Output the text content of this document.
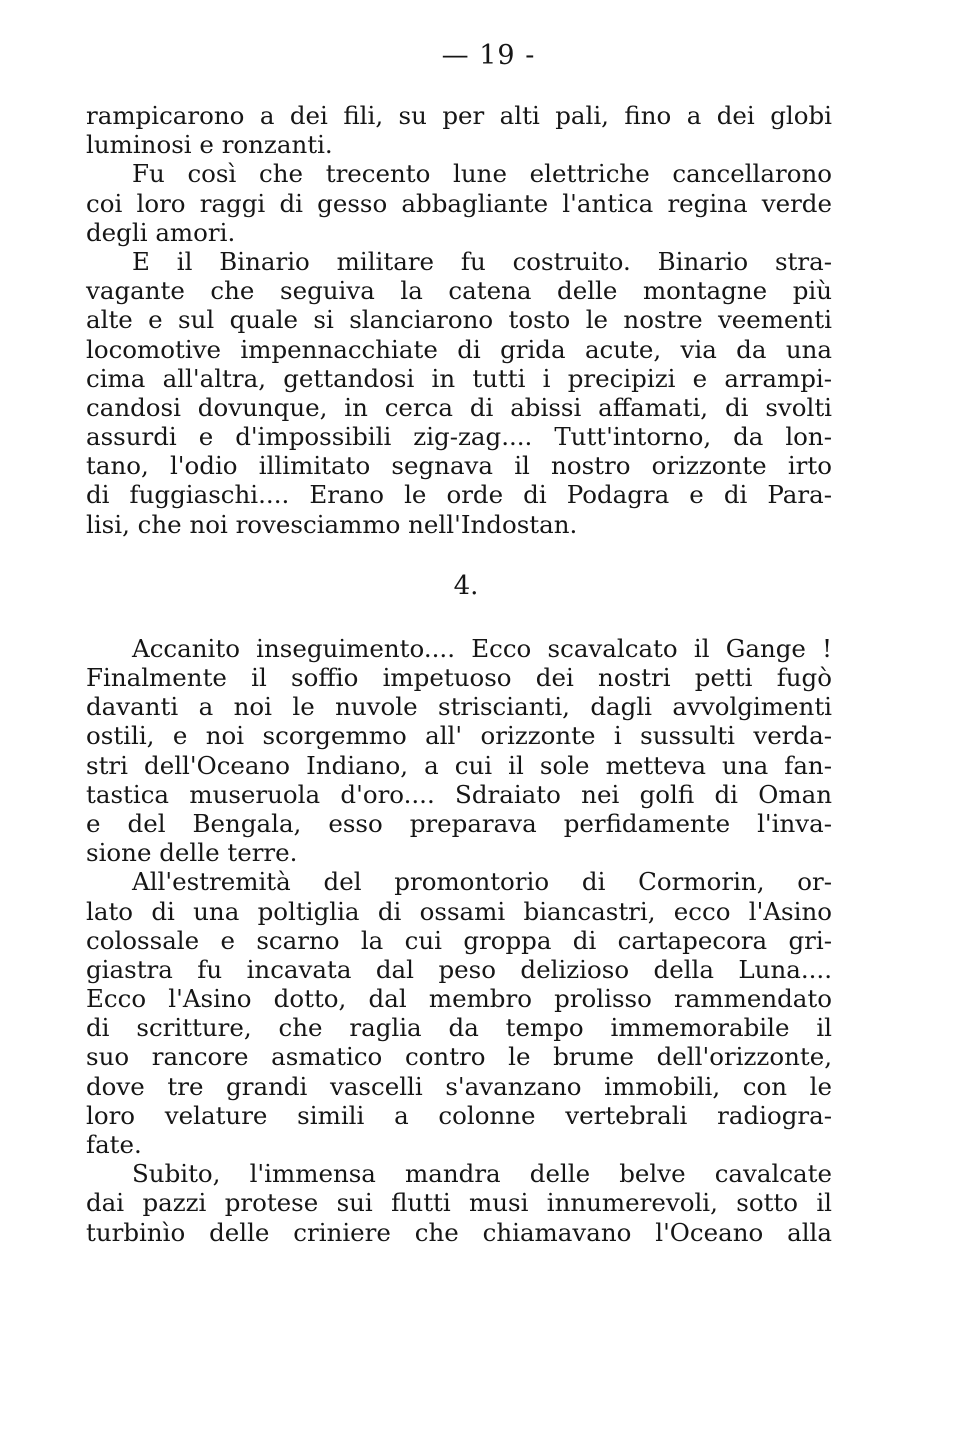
— 19 -
rampicarono a dei fili, su per alti pali, fino a dei globi
luminosi e ronzanti.
Fu così che trecento lune elettriche cancellarono
coi loro raggi di gesso abbagliante l'antica regina verde
degli amori.
E il Binario militare fu costruito. Binario stra-
vagante che seguiva la catena delle montagne più
alte e sul quale si slanciarono tosto le nostre veementi
locomotive impennacchiate di grida acute, via da una
cima all'altra, gettandosi in tutti i precipizi e arrampi-
candosi dovunque, in cerca di abissi affamati, di svolti
assurdi e d'impossibili zig-zag.... Tutt'intorno, da lon-
tano, l'odio illimitato segnava il nostro orizzonte irto
di fuggiaschi.... Erano le orde di Podagra e di Para-
lisi, che noi rovesciammo nell'Indostan.
4.
Accanito inseguimento.... Ecco scavalcato il Gange !
Finalmente il soffio impetuoso dei nostri petti fugò
davanti a noi le nuvole striscianti, dagli avvolgimenti
ostili, e noi scorgemmo all' orizzonte i sussulti verda-
stri dell'Oceano Indiano, a cui il sole metteva una fan-
tastica museruola d'oro.... Sdraiato nei golfi di Oman
e del Bengala, esso preparava perfidamente l'inva-
sione delle terre.
All'estremità del promontorio di Cormorin, or-
lato di una poltiglia di ossami biancastri, ecco l'Asino
colossale e scarno la cui groppa di cartapecora gri-
giastra fu incavata dal peso delizioso della Luna....
Ecco l'Asino dotto, dal membro prolisso rammendato
di scritture, che raglia da tempo immemorabile il
suo rancore asmatico contro le brume dell'orizzonte,
dove tre grandi vascelli s'avanzano immobili, con le
loro velature simili a colonne vertebrali radiogra-
fate.
Subito, l'immensa mandra delle belve cavalcate
dai pazzi protese sui flutti musi innumerevoli, sotto il
turbinìo delle criniere che chiamavano l'Oceano alla
